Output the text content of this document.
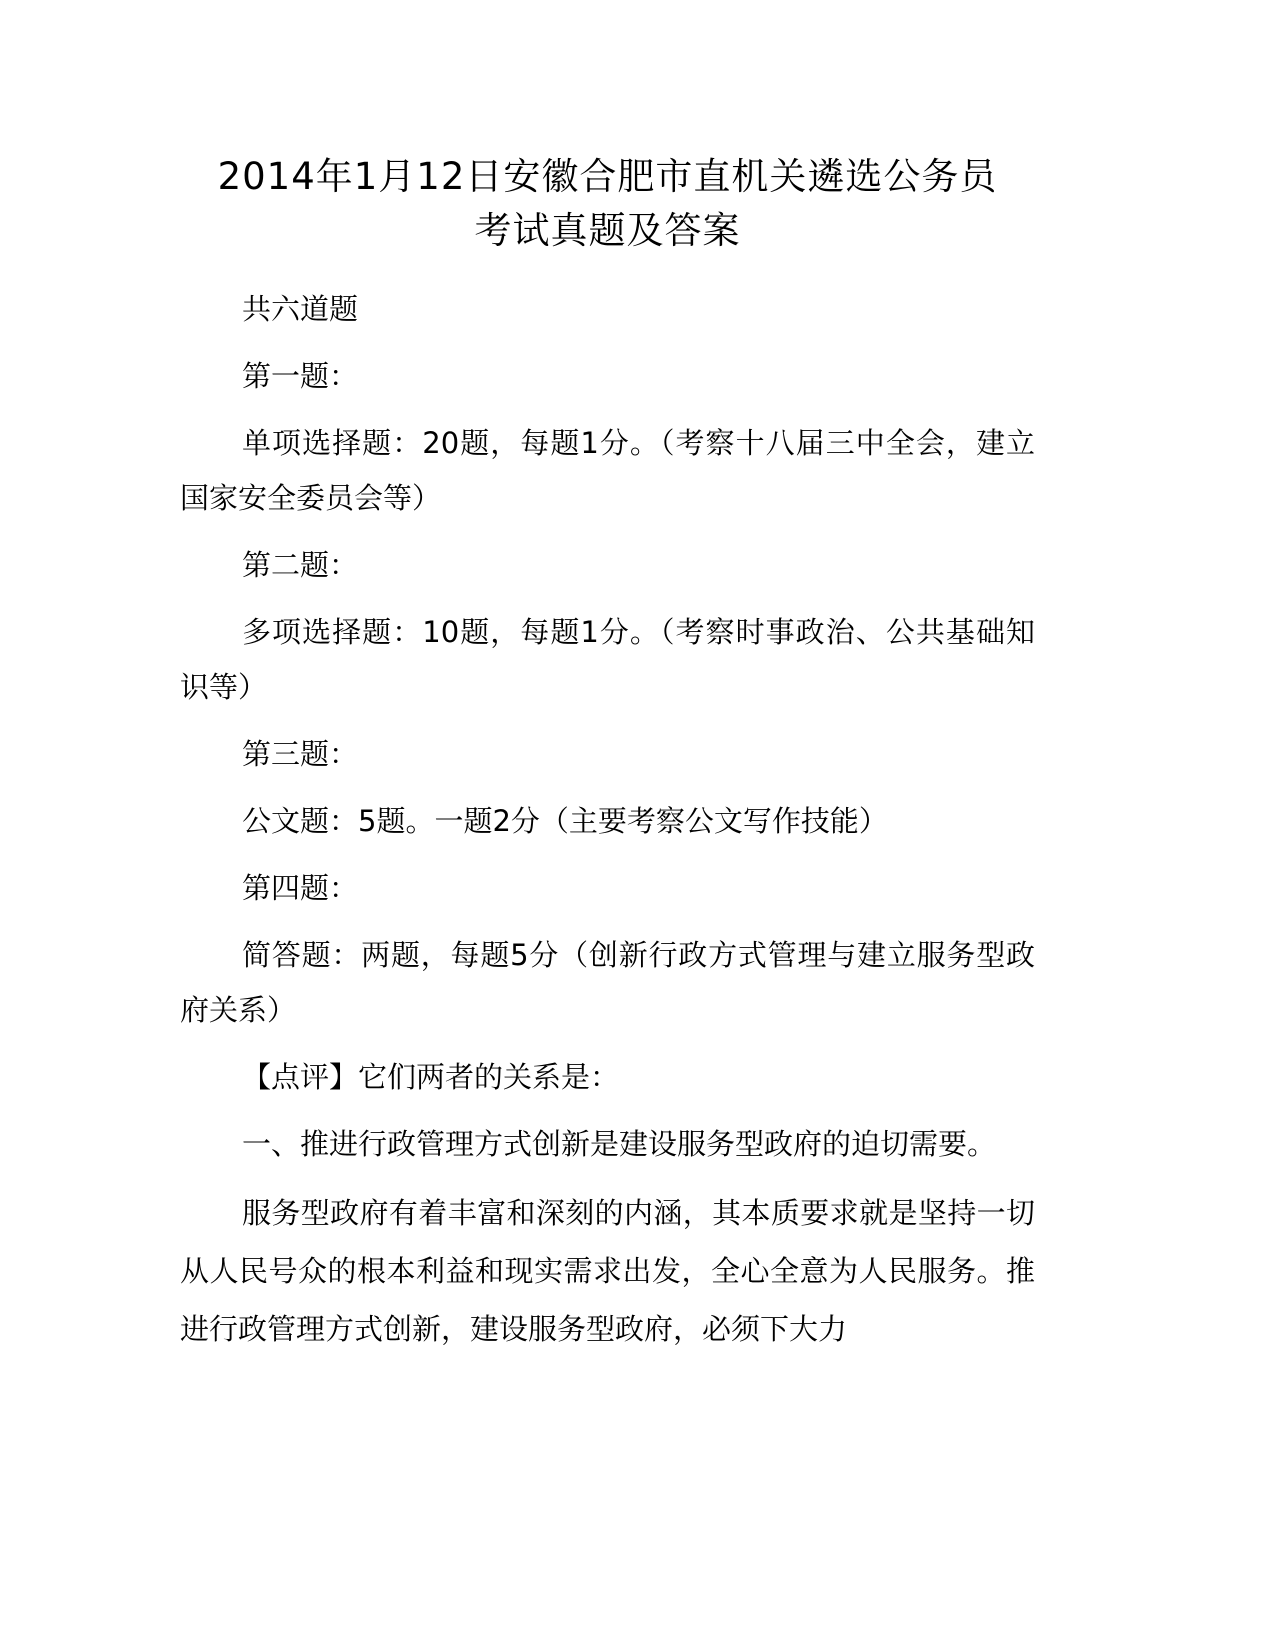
2014年1月12日安徽合肥市直机关遴选公务员
考试真题及答案

共六道题

第一题：

单项选择题：20题，每题1分。（考察十八届三中全会，建立国家安全委员会等）

第二题：

多项选择题：10题，每题1分。（考察时事政治、公共基础知识等）

第三题：

公文题：5题。一题2分（主要考察公文写作技能）

第四题：

简答题：两题，每题5分（创新行政方式管理与建立服务型政府关系）

【点评】它们两者的关系是：

一、推进行政管理方式创新是建设服务型政府的迫切需要。

服务型政府有着丰富和深刻的内涵，其本质要求就是坚持一切从人民号众的根本利益和现实需求出发，全心全意为人民服务。推进行政管理方式创新，建设服务型政府，必须下大力
